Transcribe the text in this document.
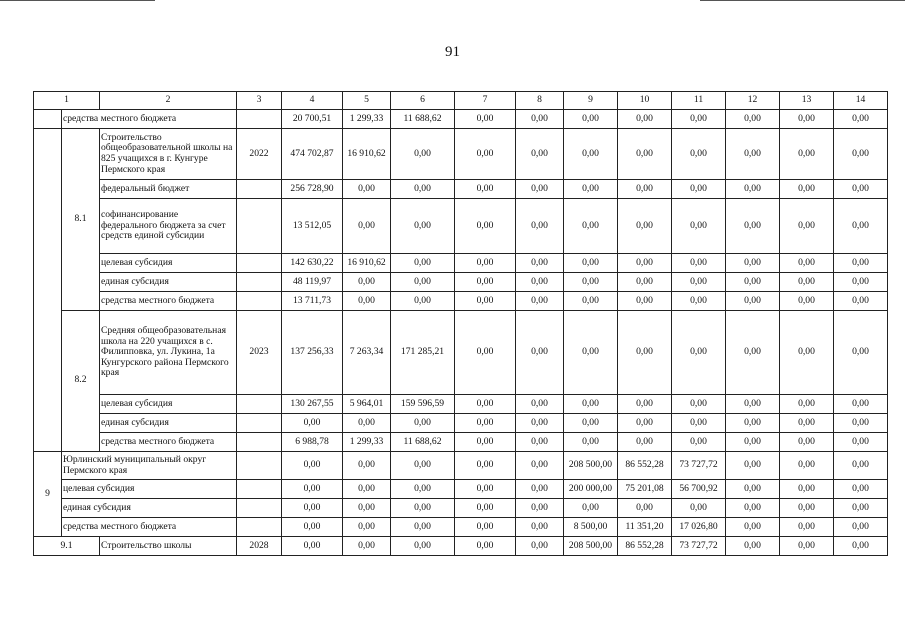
91
1		2	3	4	5	6	7	8	9	10	11	12	13	14
	средства местного бюджета			20 700,51	1 299,33	11 688,62	0,00	0,00	0,00	0,00	0,00	0,00	0,00	0,00
	8.1	Строительство общеобразовательной школы на 825 учащихся в г. Кунгуре Пермского края	2022	474 702,87	16 910,62	0,00	0,00	0,00	0,00	0,00	0,00	0,00	0,00	0,00
		федеральный бюджет		256 728,90	0,00	0,00	0,00	0,00	0,00	0,00	0,00	0,00	0,00	0,00
		софинансирование федерального бюджета за счет средств единой субсидии		13 512,05	0,00	0,00	0,00	0,00	0,00	0,00	0,00	0,00	0,00	0,00
		целевая субсидия		142 630,22	16 910,62	0,00	0,00	0,00	0,00	0,00	0,00	0,00	0,00	0,00
		единая субсидия		48 119,97	0,00	0,00	0,00	0,00	0,00	0,00	0,00	0,00	0,00	0,00
		средства местного бюджета		13 711,73	0,00	0,00	0,00	0,00	0,00	0,00	0,00	0,00	0,00	0,00
	8.2	Средняя общеобразовательная школа на 220 учащихся в с. Филипповка, ул. Лукина, 1а Кунгурского района Пермского края	2023	137 256,33	7 263,34	171 285,21	0,00	0,00	0,00	0,00	0,00	0,00	0,00	0,00
		целевая субсидия		130 267,55	5 964,01	159 596,59	0,00	0,00	0,00	0,00	0,00	0,00	0,00	0,00
		единая субсидия		0,00	0,00	0,00	0,00	0,00	0,00	0,00	0,00	0,00	0,00	0,00
		средства местного бюджета		6 988,78	1 299,33	11 688,62	0,00	0,00	0,00	0,00	0,00	0,00	0,00	0,00
9	Юрлинский муниципальный округ Пермского края			0,00	0,00	0,00	0,00	0,00	208 500,00	86 552,28	73 727,72	0,00	0,00	0,00
	целевая субсидия			0,00	0,00	0,00	0,00	0,00	200 000,00	75 201,08	56 700,92	0,00	0,00	0,00
	единая субсидия			0,00	0,00	0,00	0,00	0,00	0,00	0,00	0,00	0,00	0,00	0,00
	средства местного бюджета			0,00	0,00	0,00	0,00	0,00	8 500,00	11 351,20	17 026,80	0,00	0,00	0,00
9.1		Строительство школы	2028	0,00	0,00	0,00	0,00	0,00	208 500,00	86 552,28	73 727,72	0,00	0,00	0,00
